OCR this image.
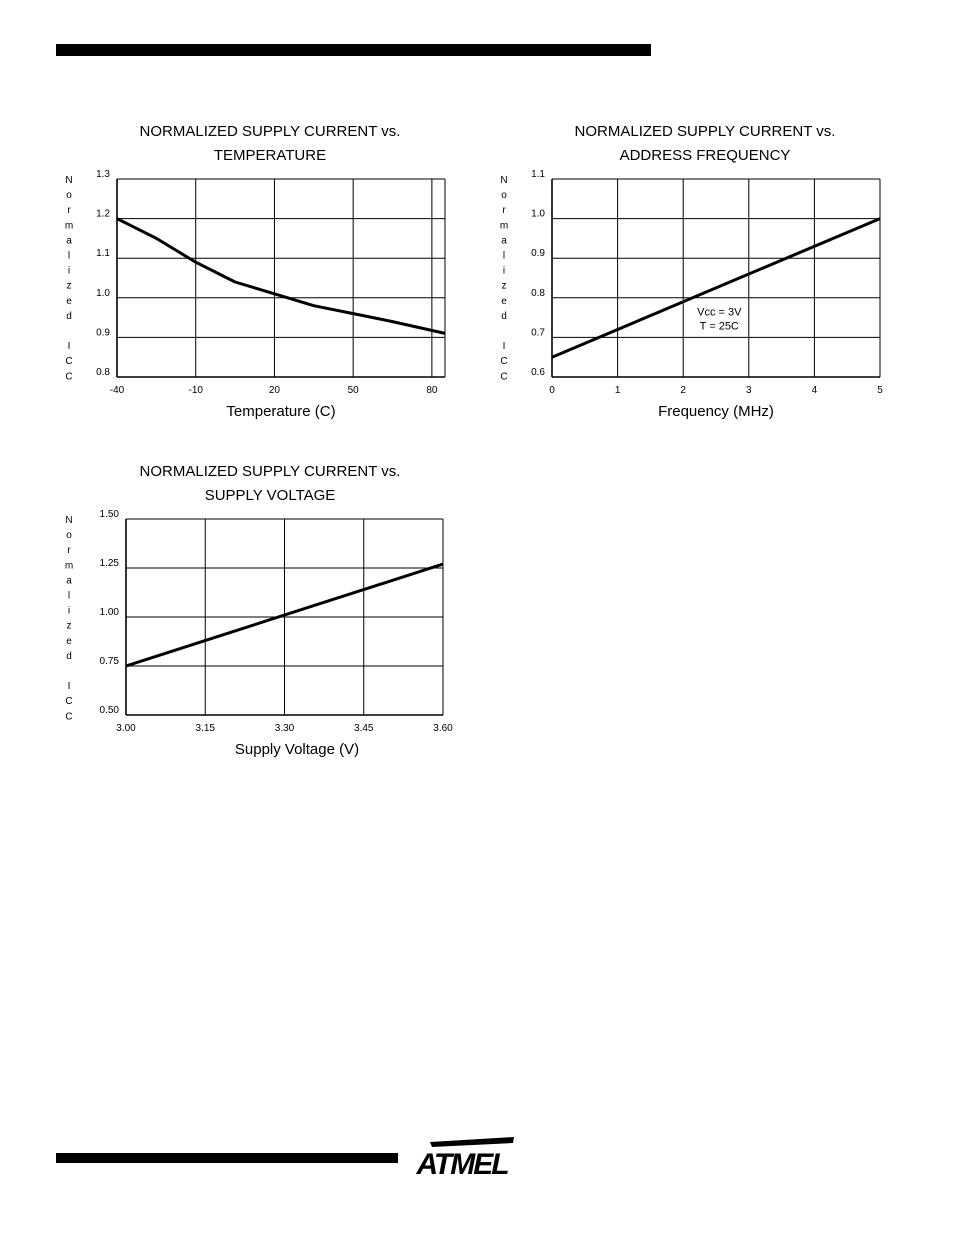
NORMALIZED SUPPLY CURRENT vs.
TEMPERATURE
0.8
0.9
1.0
1.1
1.2
1.3
-40	-10	20	50	80
Temperature (C)
N
o
r
m
a
l
i
z
e
d
I
C
C
NORMALIZED SUPPLY CURRENT vs.
ADDRESS FREQUENCY
0.6
0.7
0.8
0.9
1.0
1.1
0	1	2	3	4	5
Frequency (MHz)
N
o
r
m
a
l
i
z
e
d
I
C
C
Vcc = 3V
T = 25C
NORMALIZED SUPPLY CURRENT vs.
SUPPLY VOLTAGE
0.50
0.75
1.00
1.25
1.50
3.00	3.15	3.30	3.45	3.60
Supply Voltage (V)
N
o
r
m
a
l
i
z
e
d
I
C
C
ATMEL
